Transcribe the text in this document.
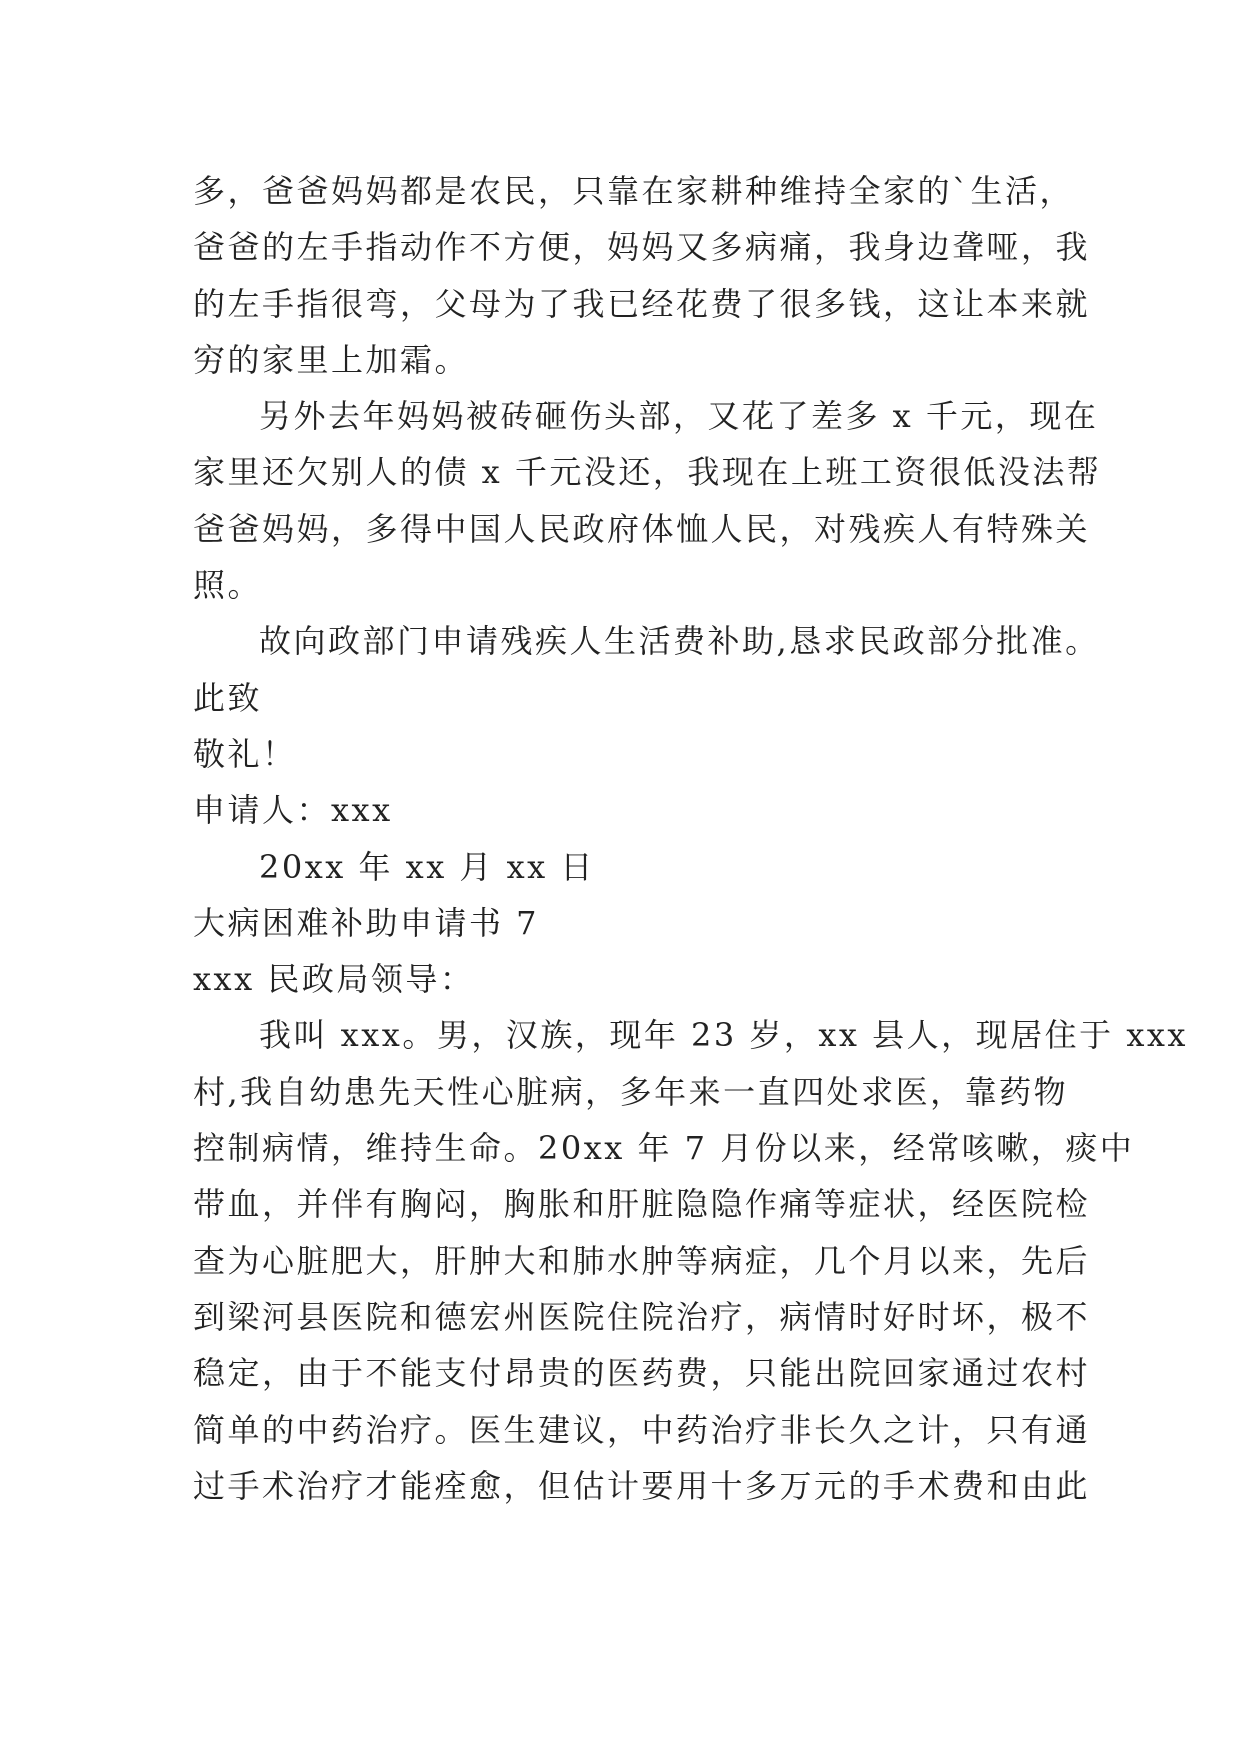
多，爸爸妈妈都是农民，只靠在家耕种维持全家的`生活，
爸爸的左手指动作不方便，妈妈又多病痛，我身边聋哑，我
的左手指很弯，父母为了我已经花费了很多钱，这让本来就
穷的家里上加霜。
另外去年妈妈被砖砸伤头部，又花了差多 x 千元，现在
家里还欠别人的债 x 千元没还，我现在上班工资很低没法帮
爸爸妈妈，多得中国人民政府体恤人民，对残疾人有特殊关
照。
故向政部门申请残疾人生活费补助,恳求民政部分批准。
此致
敬礼！
申请人：xxx
20xx 年 xx 月 xx 日
大病困难补助申请书 7
xxx 民政局领导：
我叫 xxx。男，汉族，现年 23 岁，xx 县人，现居住于 xxx
村,我自幼患先天性心脏病，多年来一直四处求医，靠药物
控制病情，维持生命。20xx 年 7 月份以来，经常咳嗽，痰中
带血，并伴有胸闷，胸胀和肝脏隐隐作痛等症状，经医院检
查为心脏肥大，肝肿大和肺水肿等病症，几个月以来，先后
到梁河县医院和德宏州医院住院治疗，病情时好时坏，极不
稳定，由于不能支付昂贵的医药费，只能出院回家通过农村
简单的中药治疗。医生建议，中药治疗非长久之计，只有通
过手术治疗才能痊愈，但估计要用十多万元的手术费和由此
